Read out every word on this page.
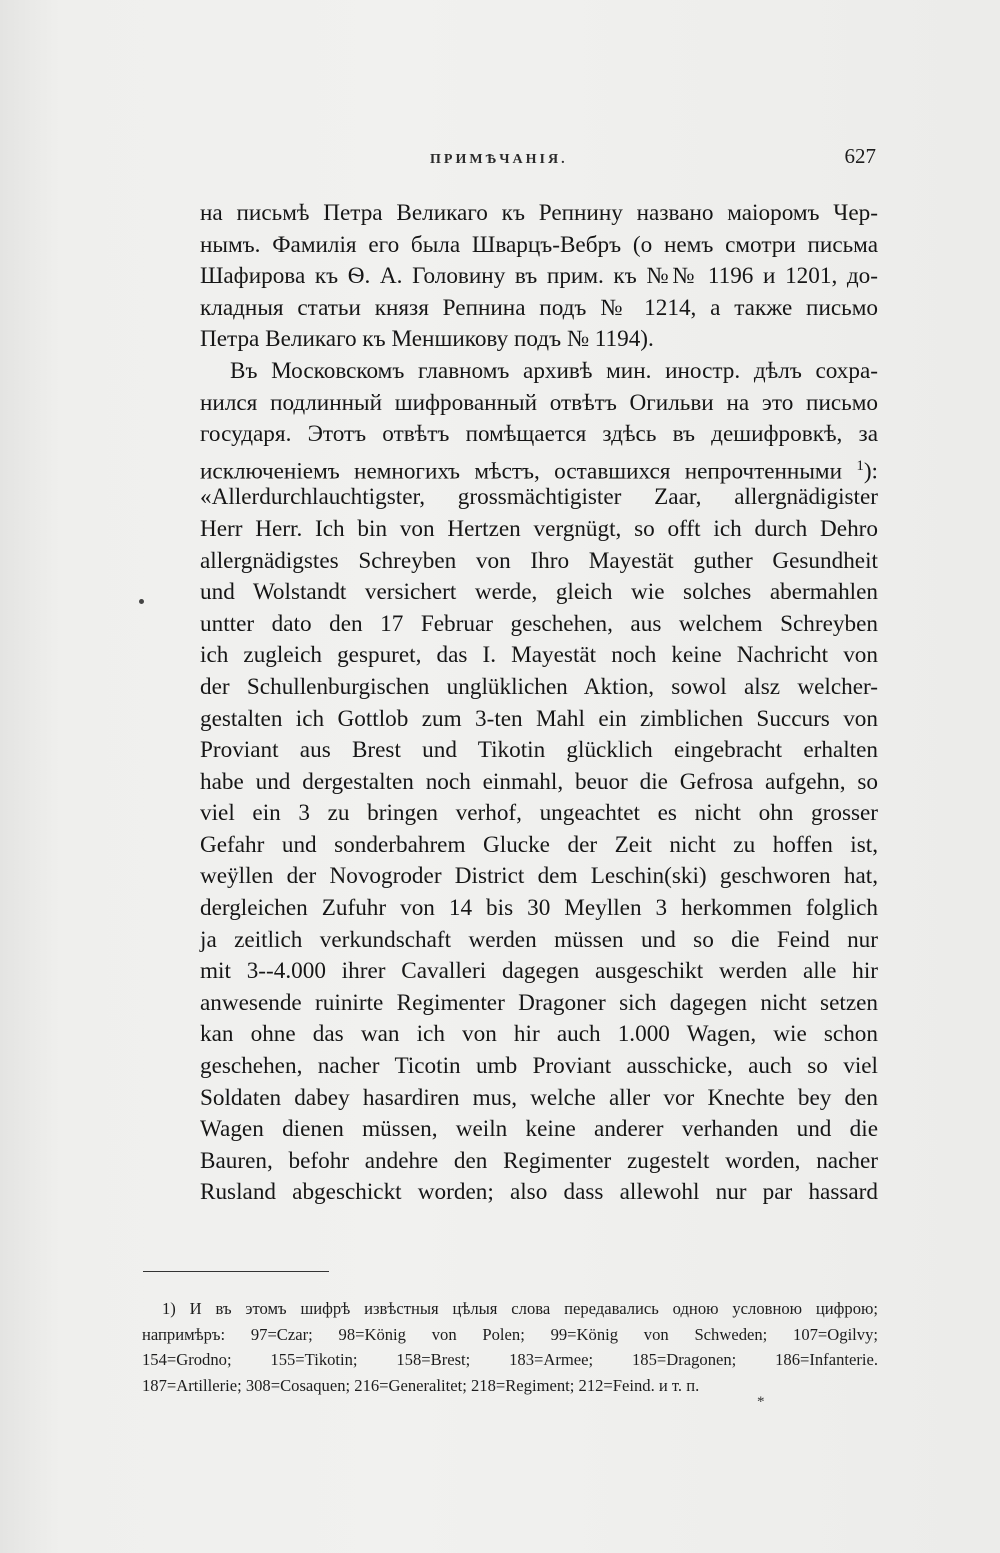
ПРИМѢЧАНIЯ.	627
на письмѣ Петра Великаго къ Репнину названо маіоромъ Чер-
нымъ. Фамилія его была Шварцъ-Вебръ (о немъ смотри письма
Шафирова къ Ѳ. А. Головину въ прим. къ №№ 1196 и 1201, до-
кладныя статьи князя Репнина подъ № 1214, а также письмо
Петра Великаго къ Меншикову подъ № 1194).
Въ Московскомъ главномъ архивѣ мин. иностр. дѣлъ сохра-
нился подлинный шифрованный отвѣтъ Огильви на это письмо
государя. Этотъ отвѣтъ помѣщается здѣсь въ дешифровкѣ, за
исключеніемъ немногихъ мѣстъ, оставшихся непрочтенными $^1$):
«Allerdurchlauchtigster, grossmächtigister Zaar, allergnädigister
Herr Herr. Ich bin von Hertzen vergnügt, so offt ich durch Dehro
allergnädigstes Schreyben von Ihro Mayestät guther Gesundheit
und Wolstandt versichert werde, gleich wie solches abermahlen
untter dato den 17 Februar geschehen, aus welchem Schreyben
ich zugleich gespuret, das I. Mayestät noch keine Nachricht von
der Schullenburgischen unglüklichen Aktion, sowol alsz welcher-
gestalten ich Gottlob zum 3-ten Mahl ein zimblichen Succurs von
Proviant aus Brest und Tikotin glücklich eingebracht erhalten
habe und dergestalten noch einmahl, beuor die Gefrosa aufgehn, so
viel ein 3 zu bringen verhof, ungeachtet es nicht ohn grosser
Gefahr und sonderbahrem Glucke der Zeit nicht zu hoffen ist,
weÿllen der Novogroder District dem Leschin(ski) geschworen hat,
dergleichen Zufuhr von 14 bis 30 Meyllen 3 herkommen folglich
ja zeitlich verkundschaft werden müssen und so die Feind nur
mit 3--4.000 ihrer Cavalleri dagegen ausgeschikt werden alle hir
anwesende ruinirte Regimenter Dragoner sich dagegen nicht setzen
kan ohne das wan ich von hir auch 1.000 Wagen, wie schon
geschehen, nacher Ticotin umb Proviant ausschicke, auch so viel
Soldaten dabey hasardiren mus, welche aller vor Knechte bey den
Wagen dienen müssen, weiln keine anderer verhanden und die
Bauren, befohr andehre den Regimenter zugestelt worden, nacher
Rusland abgeschickt worden; also dass allewohl nur par hassard
1) И въ этомъ шифрѣ извѣстныя цѣлыя слова передавались одною условною цифрою;
напримѣръ: 97=Czar; 98=König von Polen; 99=König von Schweden; 107=Ogilvy;
154=Grodno; 155=Tikotin; 158=Brest; 183=Armee; 185=Dragonen; 186=Infanterie.
187=Artillerie; 308=Cosaquen; 216=Generalitet; 218=Regiment; 212=Feind. и т. п.
*
